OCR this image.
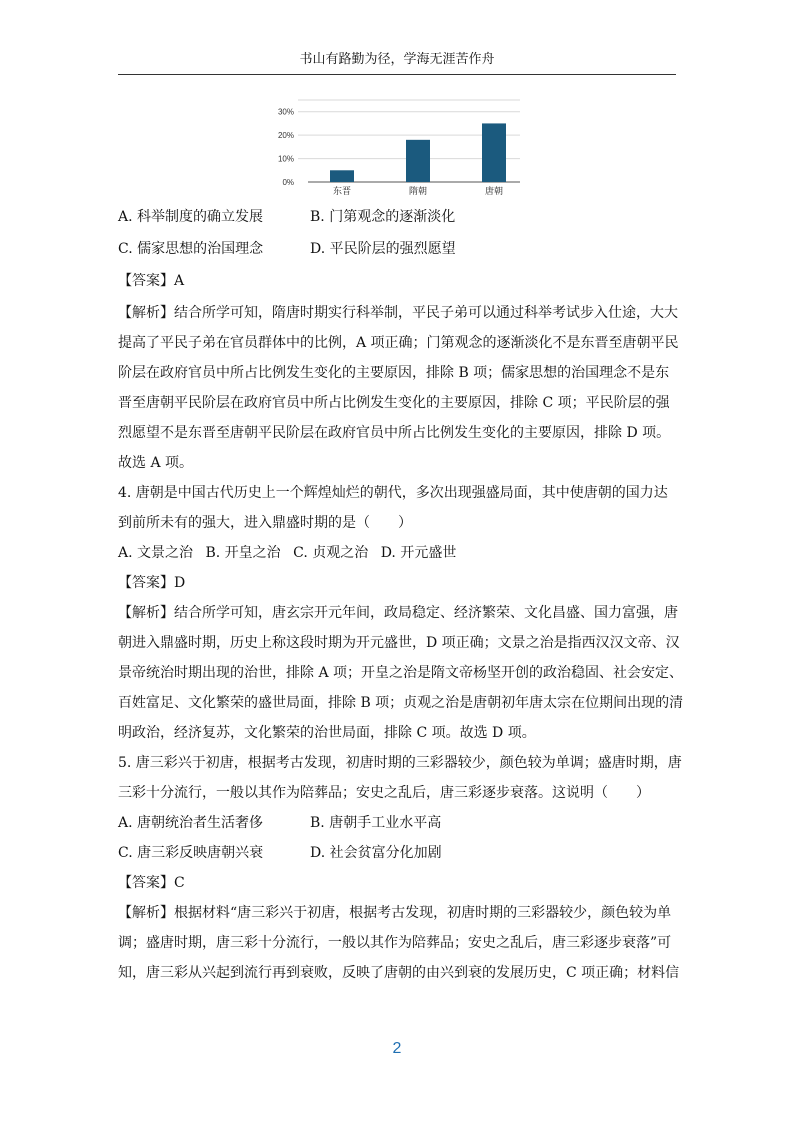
书山有路勤为径，学海无涯苦作舟
0%
10%
20%
30%
东晋	隋朝	唐朝

A. 科举制度的确立发展	B. 门第观念的逐渐淡化

C. 儒家思想的治国理念	D. 平民阶层的强烈愿望

【答案】A

【解析】结合所学可知，隋唐时期实行科举制，平民子弟可以通过科举考试步入仕途，大大

提高了平民子弟在官员群体中的比例，A 项正确；门第观念的逐渐淡化不是东晋至唐朝平民

阶层在政府官员中所占比例发生变化的主要原因，排除 B 项；儒家思想的治国理念不是东

晋至唐朝平民阶层在政府官员中所占比例发生变化的主要原因，排除 C 项；平民阶层的强

烈愿望不是东晋至唐朝平民阶层在政府官员中所占比例发生变化的主要原因，排除 D 项。

故选 A 项。

4. 唐朝是中国古代历史上一个辉煌灿烂的朝代，多次出现强盛局面，其中使唐朝的国力达

到前所未有的强大，进入鼎盛时期的是（　　）

A. 文景之治 B. 开皇之治 C. 贞观之治 D. 开元盛世

【答案】D

【解析】结合所学可知，唐玄宗开元年间，政局稳定、经济繁荣、文化昌盛、国力富强，唐

朝进入鼎盛时期，历史上称这段时期为开元盛世，D 项正确；文景之治是指西汉汉文帝、汉

景帝统治时期出现的治世，排除 A 项；开皇之治是隋文帝杨坚开创的政治稳固、社会安定、

百姓富足、文化繁荣的盛世局面，排除 B 项；贞观之治是唐朝初年唐太宗在位期间出现的清

明政治，经济复苏，文化繁荣的治世局面，排除 C 项。故选 D 项。

5. 唐三彩兴于初唐，根据考古发现，初唐时期的三彩器较少，颜色较为单调；盛唐时期，唐

三彩十分流行，一般以其作为陪葬品；安史之乱后，唐三彩逐步衰落。这说明（　　）

A. 唐朝统治者生活奢侈	B. 唐朝手工业水平高

C. 唐三彩反映唐朝兴衰	D. 社会贫富分化加剧

【答案】C

【解析】根据材料“唐三彩兴于初唐，根据考古发现，初唐时期的三彩器较少，颜色较为单

调；盛唐时期，唐三彩十分流行，一般以其作为陪葬品；安史之乱后，唐三彩逐步衰落”可

知，唐三彩从兴起到流行再到衰败，反映了唐朝的由兴到衰的发展历史，C 项正确；材料信

2
